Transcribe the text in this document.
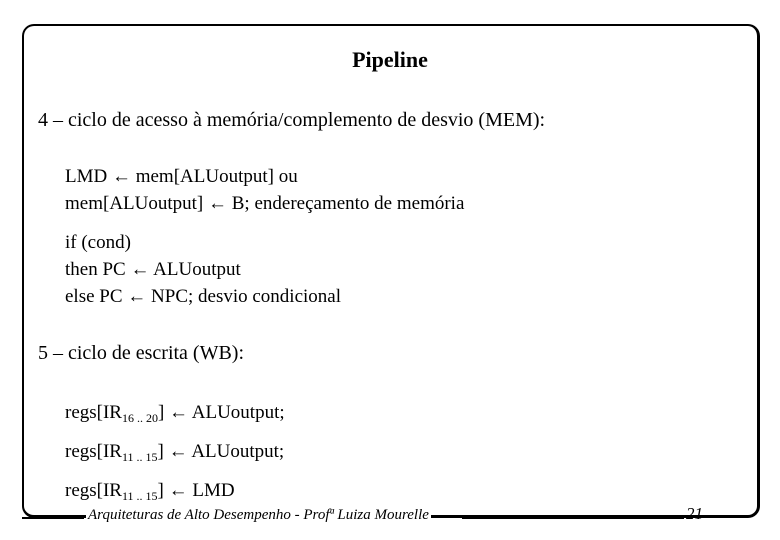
Pipeline
4 – ciclo de acesso à memória/complemento de desvio (MEM):
LMD ← mem[ALUoutput] ou
mem[ALUoutput] ← B; endereçamento de memória
if (cond)
then PC ← ALUoutput
else PC ← NPC; desvio condicional
5 – ciclo de escrita (WB):
$regs[IR_{16 .. 20}]$ ← ALUoutput;
$regs[IR_{11 .. 15}]$ ← ALUoutput;
$regs[IR_{11 .. 15}]$ ← LMD
Arquiteturas de Alto Desempenho - Profª Luiza Mourelle	21
